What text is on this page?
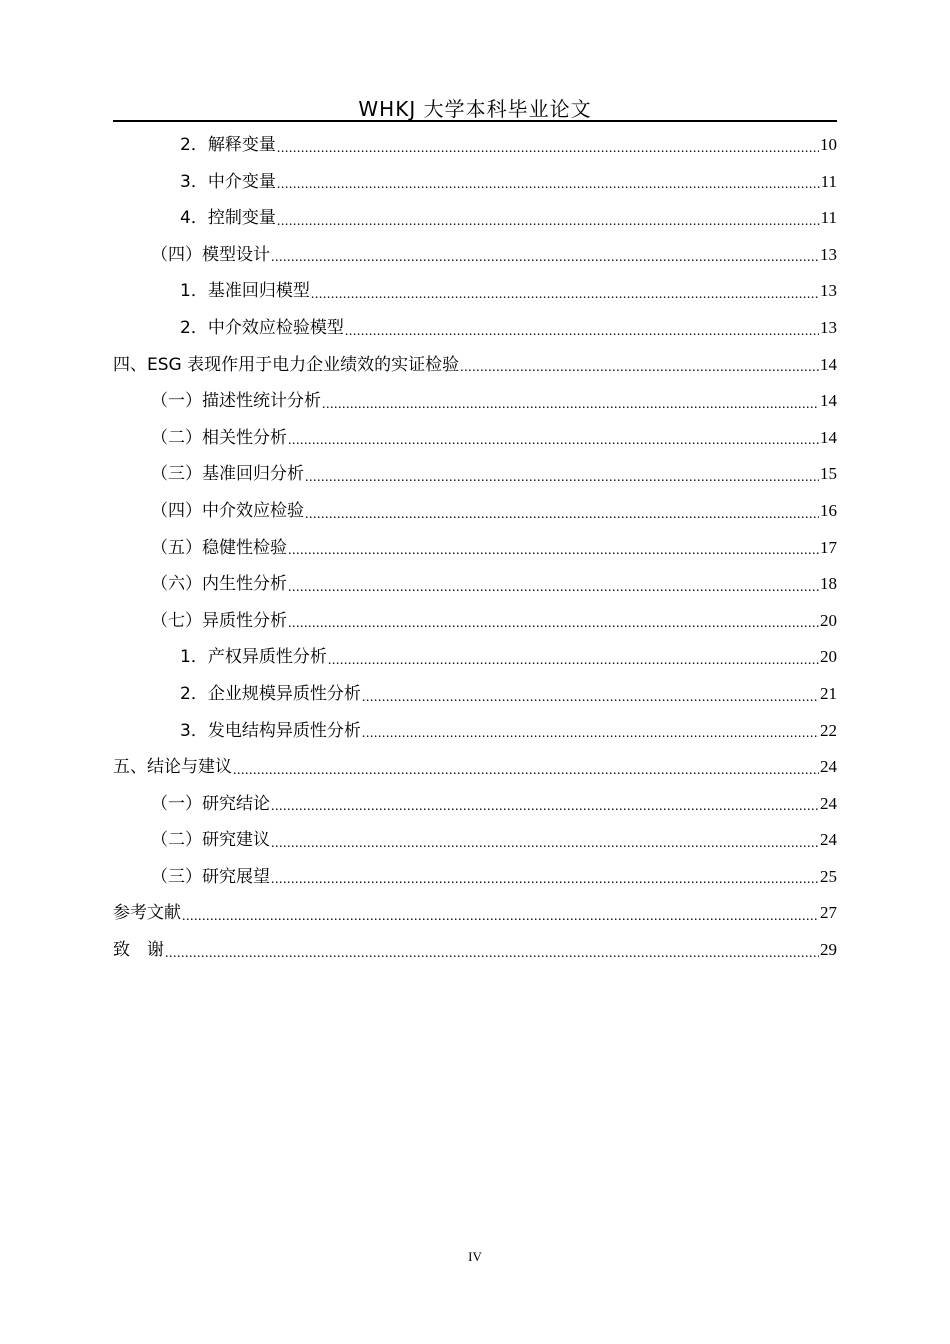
WHKJ 大学本科毕业论文
2．解释变量 .....	10
3．中介变量 .....	11
4．控制变量 .....	11
（四）模型设计 .....	13
1．基准回归模型 .....	13
2．中介效应检验模型 .....	13
四、ESG 表现作用于电力企业绩效的实证检验 .....	14
（一）描述性统计分析 .....	14
（二）相关性分析 .....	14
（三）基准回归分析 .....	15
（四）中介效应检验 .....	16
（五）稳健性检验 .....	17
（六）内生性分析 .....	18
（七）异质性分析 .....	20
1．产权异质性分析 .....	20
2．企业规模异质性分析 .....	21
3．发电结构异质性分析 .....	22
五、结论与建议 .....	24
（一）研究结论 .....	24
（二）研究建议 .....	24
（三）研究展望 .....	25
参考文献 .....	27
致　谢 .....	29
IV
